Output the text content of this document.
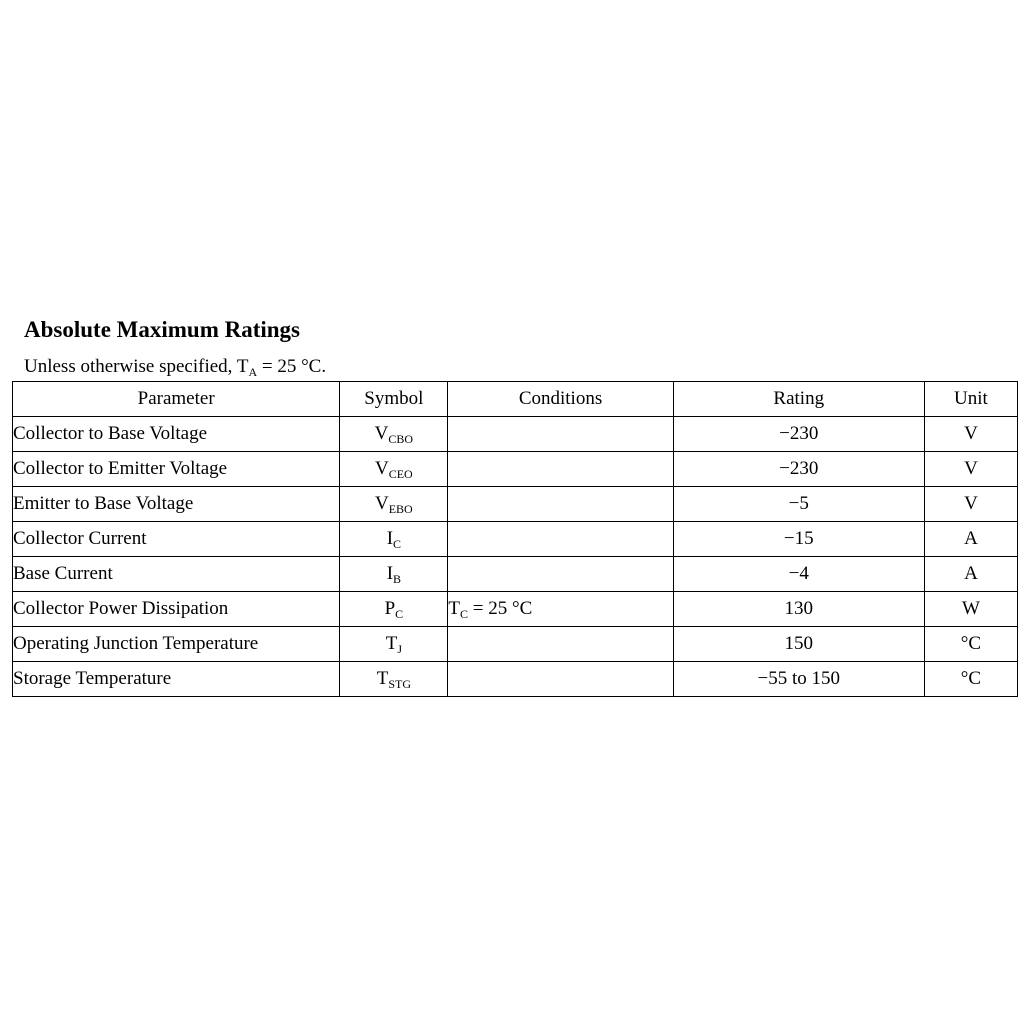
Absolute Maximum Ratings
Unless otherwise specified, $T_A = 25$ °C.
Parameter	Symbol	Conditions	Rating	Unit
Collector to Base Voltage	$V_{CBO}$		−230	V
Collector to Emitter Voltage	$V_{CEO}$		−230	V
Emitter to Base Voltage	$V_{EBO}$		−5	V
Collector Current	$I_C$		−15	A
Base Current	$I_B$		−4	A
Collector Power Dissipation	$P_C$	$T_C = 25$ °C	130	W
Operating Junction Temperature	$T_J$		150	°C
Storage Temperature	$T_{STG}$		−55 to 150	°C
